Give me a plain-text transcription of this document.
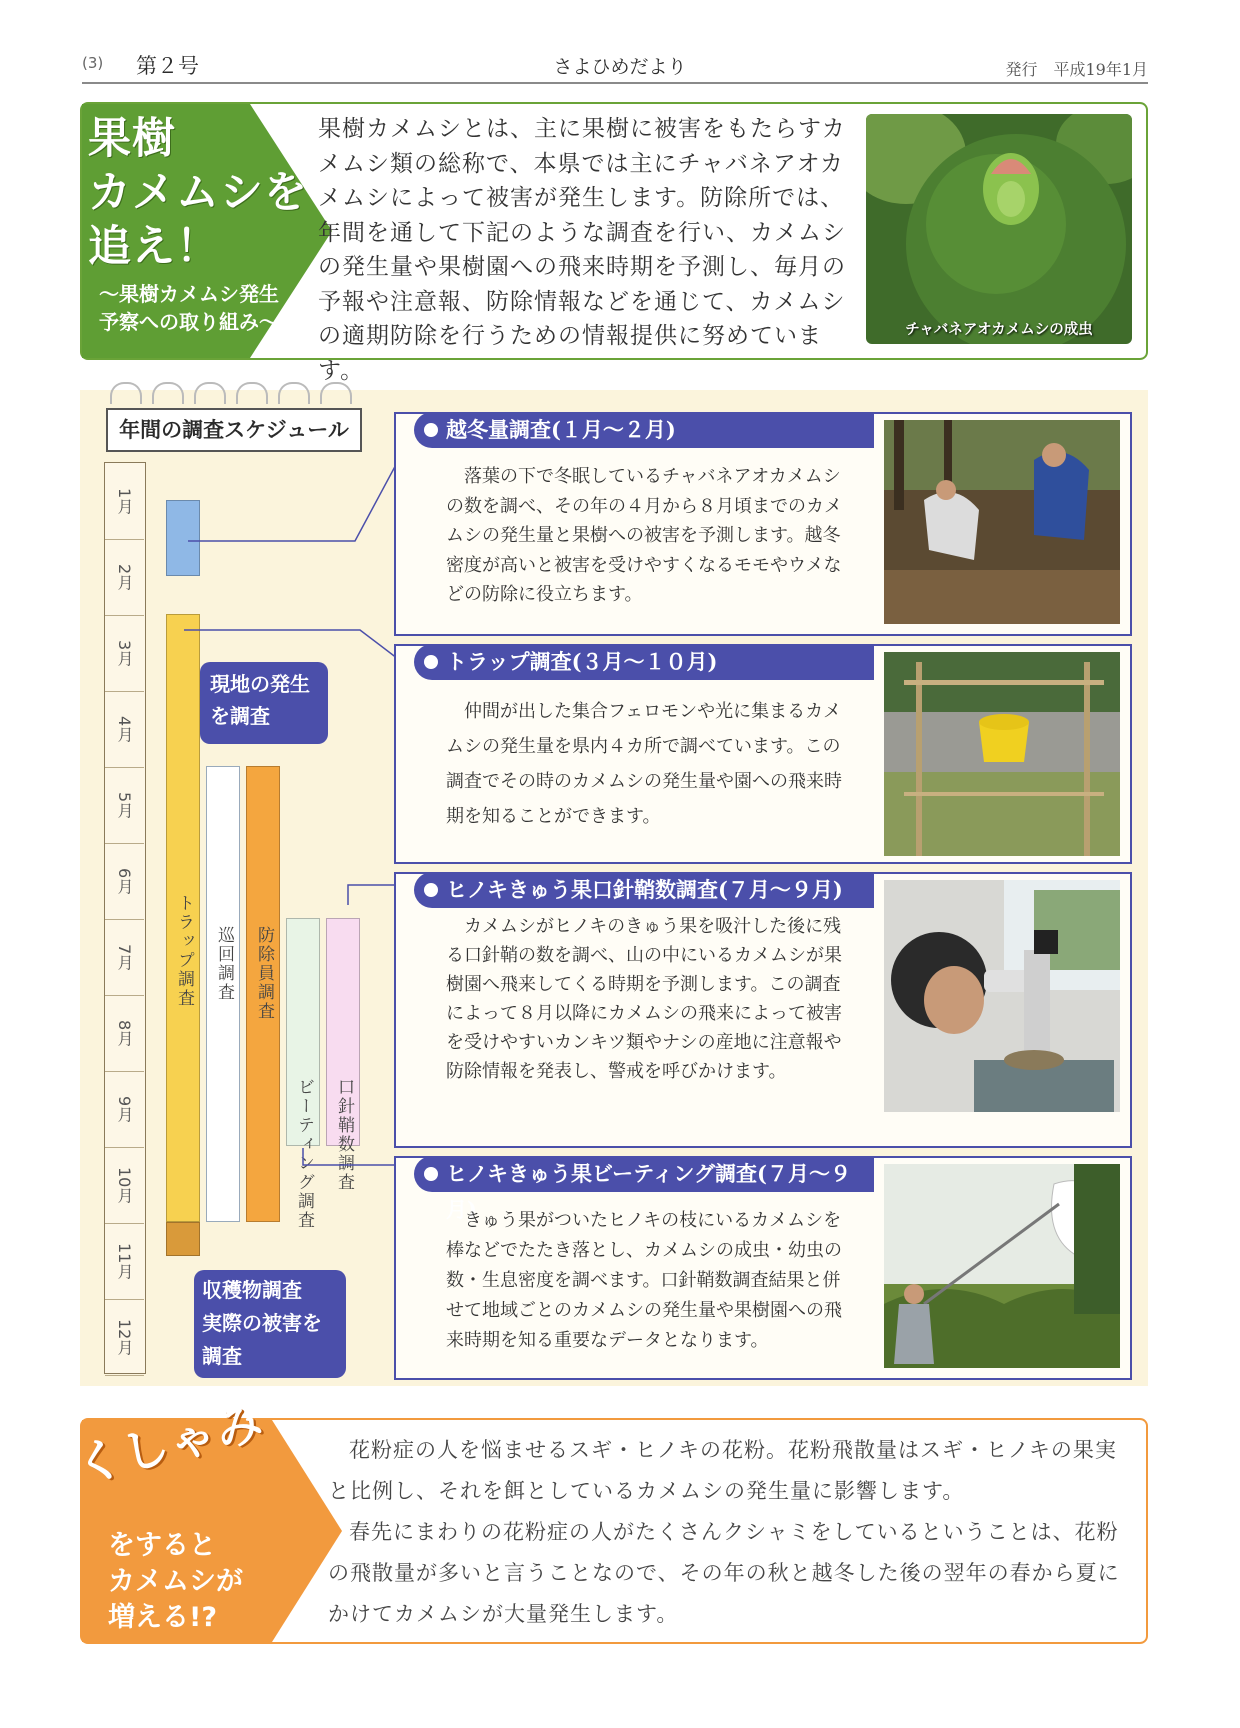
(3) 第２号	さよひめだより	発行　平成19年1月
果樹
カメムシを
追え！
～果樹カメムシ発生
予察への取り組み～
果樹カメムシとは、主に果樹に被害をもたらすカメムシ類の総称で、本県では主にチャバネアオカメムシによって被害が発生します。防除所では、年間を通して下記のような調査を行い、カメムシの発生量や果樹園への飛来時期を予測し、毎月の予報や注意報、防除情報などを通じて、カメムシの適期防除を行うための情報提供に努めています。
チャバネアオカメムシの成虫
年間の調査スケジュール
1月
2月
3月
4月
5月
6月
7月
8月
9月
10月
11月
12月
トラップ調査 巡回調査 防除員調査
ビーティング調査 口針鞘数調査
現地の発生
を調査
収穫物調査
実際の被害を
調査
越冬量調査(１月～２月)
落葉の下で冬眠しているチャバネアオカメムシの数を調べ、その年の４月から８月頃までのカメムシの発生量と果樹への被害を予測します。越冬密度が高いと被害を受けやすくなるモモやウメなどの防除に役立ちます。
トラップ調査(３月～１０月)
仲間が出した集合フェロモンや光に集まるカメムシの発生量を県内４カ所で調べています。この調査でその時のカメムシの発生量や園への飛来時期を知ることができます。
ヒノキきゅう果口針鞘数調査(７月～９月)
カメムシがヒノキのきゅう果を吸汁した後に残る口針鞘の数を調べ、山の中にいるカメムシが果樹園へ飛来してくる時期を予測します。この調査によって８月以降にカメムシの飛来によって被害を受けやすいカンキツ類やナシの産地に注意報や防除情報を発表し、警戒を呼びかけます。
ヒノキきゅう果ビーティング調査(７月～９月)
きゅう果がついたヒノキの枝にいるカメムシを棒などでたたき落とし、カメムシの成虫・幼虫の数・生息密度を調べます。口針鞘数調査結果と併せて地域ごとのカメムシの発生量や果樹園への飛来時期を知る重要なデータとなります。
くしゃみ
をすると
カメムシが
増える!?

花粉症の人を悩ませるスギ・ヒノキの花粉。花粉飛散量はスギ・ヒノキの果実と比例し、それを餌としているカメムシの発生量に影響します。

春先にまわりの花粉症の人がたくさんクシャミをしているということは、花粉の飛散量が多いと言うことなので、その年の秋と越冬した後の翌年の春から夏にかけてカメムシが大量発生します。
